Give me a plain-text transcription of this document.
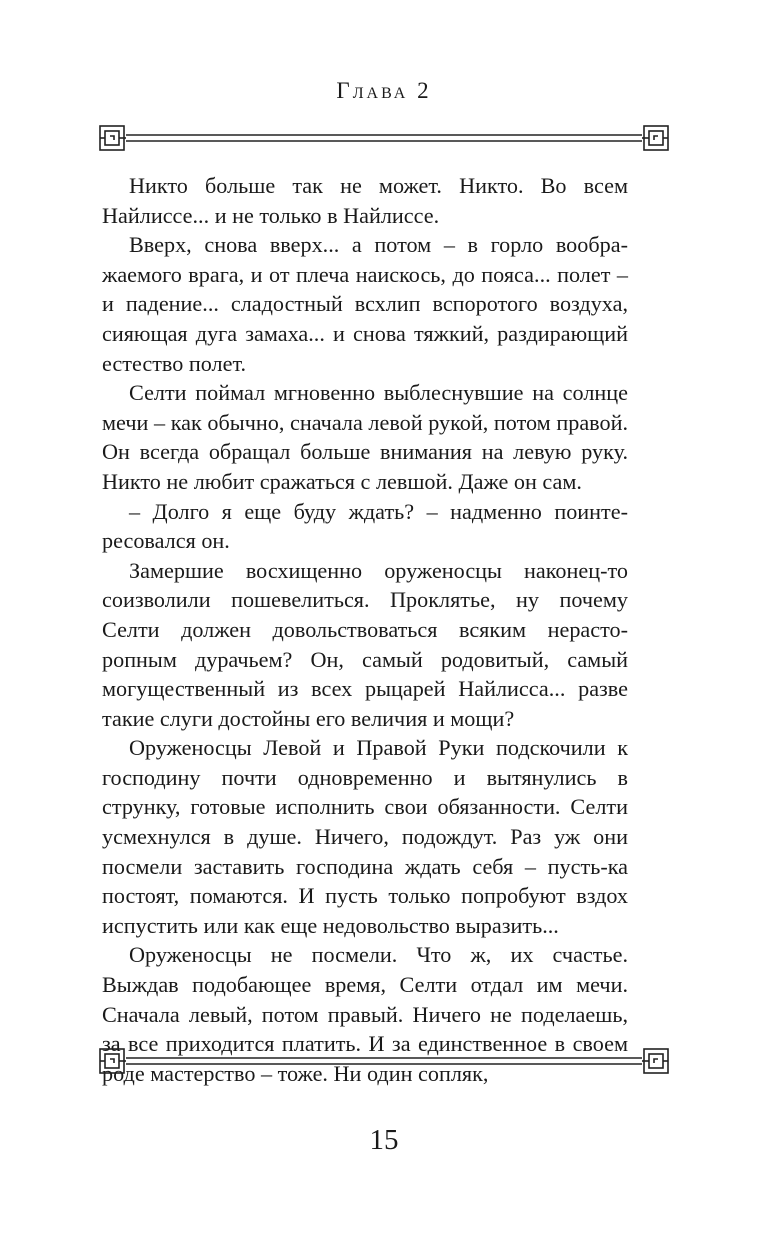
Глава 2

Никто больше так не может. Никто. Во всем Найлиссе... и не только в Найлиссе.

Вверх, снова вверх... а потом – в горло воображаемого врага, и от плеча наискось, до пояса... полет – и падение... сладостный всхлип вспоротого воздуха, сияющая дуга замаха... и снова тяжкий, раздирающий естество полет.

Селти поймал мгновенно выблеснувшие на солнце мечи – как обычно, сначала левой рукой, потом правой. Он всегда обращал больше внимания на левую руку. Никто не любит сражаться с левшой. Даже он сам.

– Долго я еще буду ждать? – надменно поинтересовался он.

Замершие восхищенно оруженосцы наконец-то соизволили пошевелиться. Проклятье, ну почему Селти должен довольствоваться всяким нерасторопным дурачьем? Он, самый родовитый, самый могущественный из всех рыцарей Найлисса... разве такие слуги достойны его величия и мощи?

Оруженосцы Левой и Правой Руки подскочили к господину почти одновременно и вытянулись в струнку, готовые исполнить свои обязанности. Селти усмехнулся в душе. Ничего, подождут. Раз уж они посмели заставить господина ждать себя – пусть-ка постоят, помаются. И пусть только попробуют вздох испустить или как еще недовольство выразить...

Оруженосцы не посмели. Что ж, их счастье. Выждав подобающее время, Селти отдал им мечи. Сначала левый, потом правый. Ничего не поделаешь, за все приходится платить. И за единственное в своем роде мастерство – тоже. Ни один сопляк,

15
